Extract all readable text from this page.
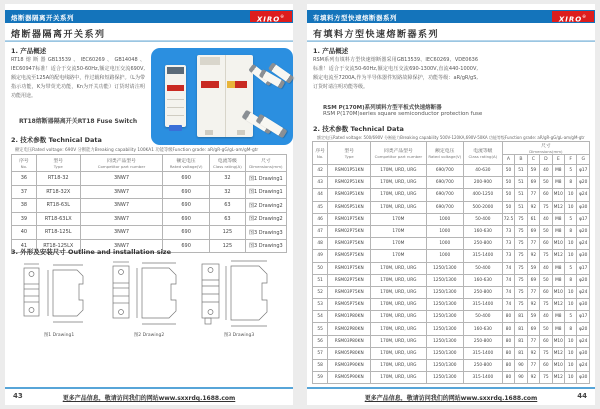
熔断器隔离开关系列	XIRO®
熔断器隔离开关系列
1. 产品概述
RT18熔断器GB13539、IEC60269、GB14048、IEC60947标准！适合于交流50-60Hz,额定电压交流690V,额定电流至125A的配电线路中，作过载和短路保护。（L为带指示功能，K为带荧光功能，Kn为开关功能）订货时请注明功能用途。
RT18熔断器隔离开关RT18 Fuse Switch
2. 技术参数 Technical Data
额定电压Rated voltage: 690V 分断能力Breaking capability 100KA1 功能等级Function grade: aR/gR-gG/gL-am/gM-gtr
序号
No.	型号
Type	同类产品型号
Competitor part number	额定电压
Rated voltage(V)	电流等级
Class rating(A)	尺寸
Dimensions(mm)

36	RT18-32	3NW7	690	32	图1 Drawing1
37	RT18-32X	3NW7	690	32	图1 Drawing1
38	RT18-63L	3NW7	690	63	图2 Drawing2
39	RT18-63LX	3NW7	690	63	图2 Drawing2
40	RT18-125L	3NW7	690	125	图3 Drawing3
41	RT18-125LX	3NW7	690	125	图3 Drawing3
3. 外形及安装尺寸 Outline and installation size
图1 Drawing1	图2 Drawing2	图3 Drawing3
43	更多产品信息，敬请访问我们的网站www.sxxrdq.1688.com
有填料方型快速熔断器系列	XIRO®
有填料方型快速熔断器系列
1. 产品概述
RSM系列有填料方型快速熔断器采用GB13539、IEC60269、VDE0636标准！适合于交流50-60Hz,额定电压交流690-1300V,直流440-1000V,额定电流至7200A,作为半导体器件短路故障保护，功能等级：aR/gR/gS,订货时请注明功能等级。
RSM P(170M)系列填料方型平板式快速熔断器
RSM P(170M)series square semiconductor protection fuse
2. 技术参数 Technical Data
额定电压Rated voltage: 500/690V 分断能力Breaking capability 500V-120KA,690V-50KA 功能等级Function grade: aR/gR-gG/gL-am/gM-gtr
序号
No.	型号
Type	同类产品型号
Competitor part number	额定电压
Rated voltage(V)	电流等级
Class rating(A)	尺寸
Dimensions(mm)						

					A	B	C	D	E	F	G
42	RSM01P51KN	170M, URD, URG	690/700	40-630	50	51	59	40	M8	5	φ17
43	RSM02P51KN	170M, URD, URG	690/700	200-900	50	51	69	50	M8	8	φ20
44	RSM03P51KN	170M, URD, URG	690/700	400-1250	50	51	77	60	M10	10	φ24
45	RSM05P51KN	170M, URD, URG	690/700	500-2000	50	51	92	75	M12	10	φ30
46	RSM01P75KN	170M	1000	50-400	72.5	75	61	40	M8	5	φ17
47	RSM02P75KN	170M	1000	160-630	73	75	69	50	M8	8	φ20
48	RSM03P75KN	170M	1000	250-800	73	75	77	60	M10	10	φ24
49	RSM05P75KN	170M	1000	315-1400	73	75	92	75	M12	10	φ30
50	RSM01P75KN	170M, URD, URG	1250/1300	50-400	74	75	59	40	M8	5	φ17
51	RSM02P75KN	170M, URD, URG	1250/1300	160-630	74	75	69	50	M8	8	φ20
52	RSM03P75KN	170M, URD, URG	1250/1300	250-800	74	75	77	60	M10	10	φ24
53	RSM05P75KN	170M, URD, URG	1250/1300	315-1400	74	75	92	75	M12	10	φ30
54	RSM01P80KN	170M, URD, URG	1250/1300	50-400	80	81	59	40	M8	5	φ17
55	RSM02P80KN	170M, URD, URG	1250/1300	160-630	80	81	69	50	M8	8	φ20
56	RSM03P80KN	170M, URD, URG	1250/1300	250-800	80	81	77	60	M10	10	φ24
57	RSM05P80KN	170M, URD, URG	1250/1300	315-1400	80	81	92	75	M12	10	φ30
58	RSM03P90KN	170M, URD, URG	1250/1300	250-800	80	90	77	60	M10	10	φ24
59	RSM05P90KN	170M, URD, URG	1250/1300	315-1400	80	90	92	75	M12	10	φ30
44
更多产品信息，敬请访问我们的网站www.sxxrdq.1688.com
